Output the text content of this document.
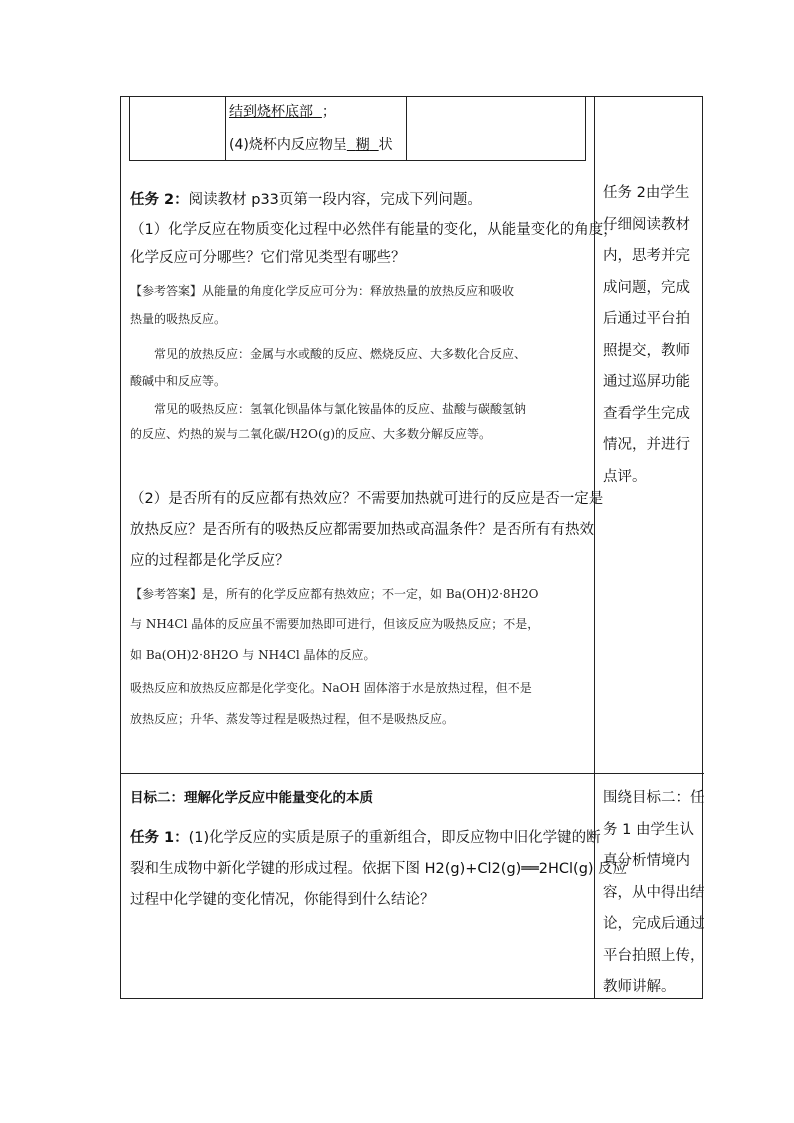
结到烧杯底部 ；
(4)烧杯内反应物呈 糊 状
任务 2：阅读教材 p33页第一段内容，完成下列问题。
（1）化学反应在物质变化过程中必然伴有能量的变化，从能量变化的角度，
化学反应可分哪些？它们常见类型有哪些？
【参考答案】从能量的角度化学反应可分为：释放热量的放热反应和吸收
热量的吸热反应。
常见的放热反应：金属与水或酸的反应、燃烧反应、大多数化合反应、
酸碱中和反应等。
常见的吸热反应：氢氧化钡晶体与氯化铵晶体的反应、盐酸与碳酸氢钠
的反应、灼热的炭与二氧化碳/H2O(g)的反应、大多数分解反应等。
（2）是否所有的反应都有热效应？不需要加热就可进行的反应是否一定是
放热反应？是否所有的吸热反应都需要加热或高温条件？是否所有有热效
应的过程都是化学反应？
【参考答案】是，所有的化学反应都有热效应；不一定，如 Ba(OH)2·8H2O
与 NH4Cl 晶体的反应虽不需要加热即可进行，但该反应为吸热反应；不是，
如 Ba(OH)2·8H2O 与 NH4Cl 晶体的反应。
吸热反应和放热反应都是化学变化。NaOH 固体溶于水是放热过程，但不是
放热反应；升华、蒸发等过程是吸热过程，但不是吸热反应。
任务 2由学生
仔细阅读教材
内，思考并完
成问题，完成
后通过平台拍
照提交，教师
通过巡屏功能
查看学生完成
情况，并进行
点评。
目标二：理解化学反应中能量变化的本质
任务 1：(1)化学反应的实质是原子的重新组合，即反应物中旧化学键的断
裂和生成物中新化学键的形成过程。依据下图 H2(g)+Cl2(g)══2HCl(g) 反应
过程中化学键的变化情况，你能得到什么结论？
围绕目标二：任
务 1 由学生认
真分析情境内
容，从中得出结
论，完成后通过
平台拍照上传，
教师讲解。
